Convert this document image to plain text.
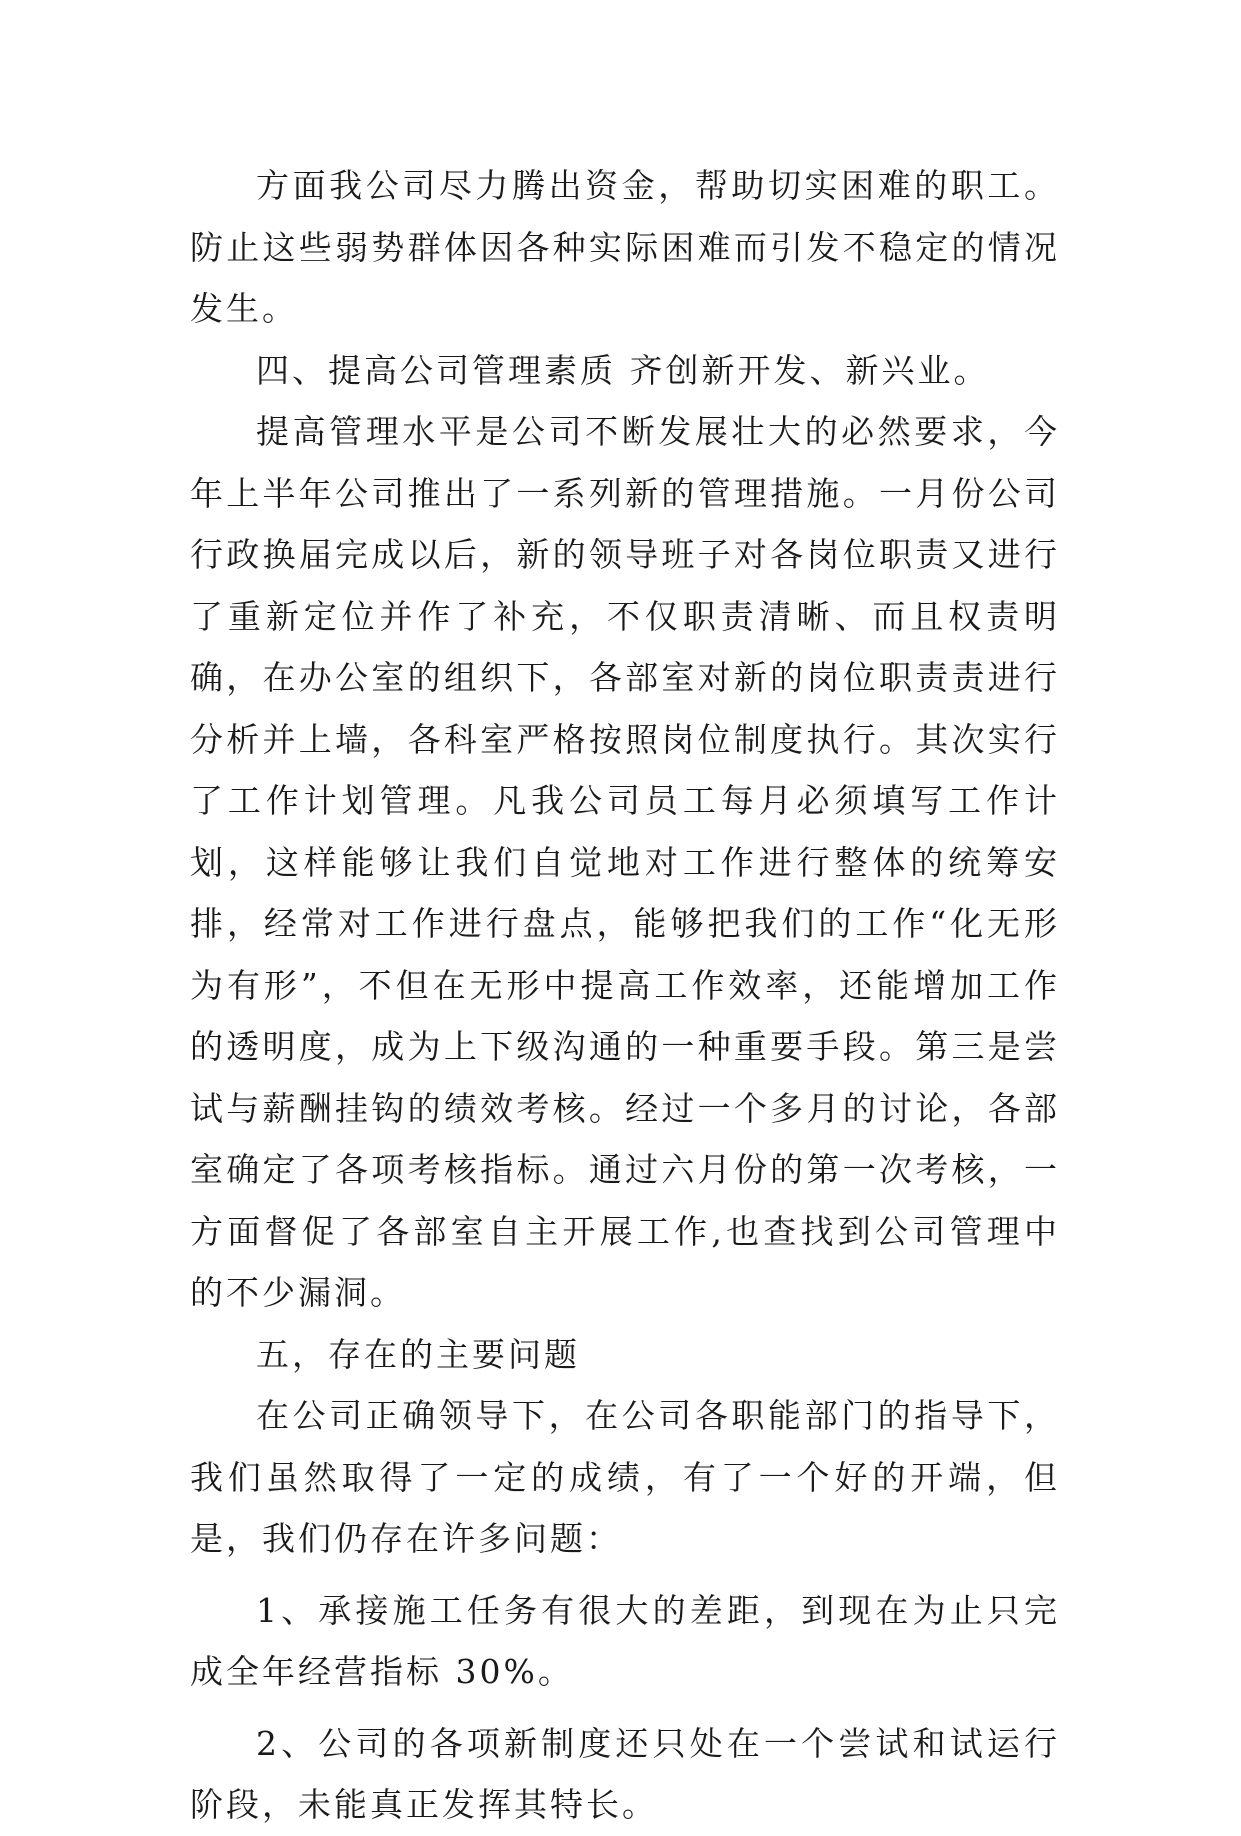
方面我公司尽力腾出资金，帮助切实困难的职工。防止这些弱势群体因各种实际困难而引发不稳定的情况发生。

四、提高公司管理素质 齐创新开发、新兴业。

提高管理水平是公司不断发展壮大的必然要求，今年上半年公司推出了一系列新的管理措施。一月份公司行政换届完成以后，新的领导班子对各岗位职责又进行了重新定位并作了补充，不仅职责清晰、而且权责明确，在办公室的组织下，各部室对新的岗位职责责进行分析并上墙，各科室严格按照岗位制度执行。其次实行了工作计划管理。凡我公司员工每月必须填写工作计划，这样能够让我们自觉地对工作进行整体的统筹安排，经常对工作进行盘点，能够把我们的工作“化无形为有形”，不但在无形中提高工作效率，还能增加工作的透明度，成为上下级沟通的一种重要手段。第三是尝试与薪酬挂钩的绩效考核。经过一个多月的讨论，各部室确定了各项考核指标。通过六月份的第一次考核，一方面督促了各部室自主开展工作,也查找到公司管理中的不少漏洞。

五，存在的主要问题

在公司正确领导下，在公司各职能部门的指导下，我们虽然取得了一定的成绩，有了一个好的开端，但是，我们仍存在许多问题：

1、承接施工任务有很大的差距，到现在为止只完成全年经营指标 30%。

2、公司的各项新制度还只处在一个尝试和试运行阶段，未能真正发挥其特长。
